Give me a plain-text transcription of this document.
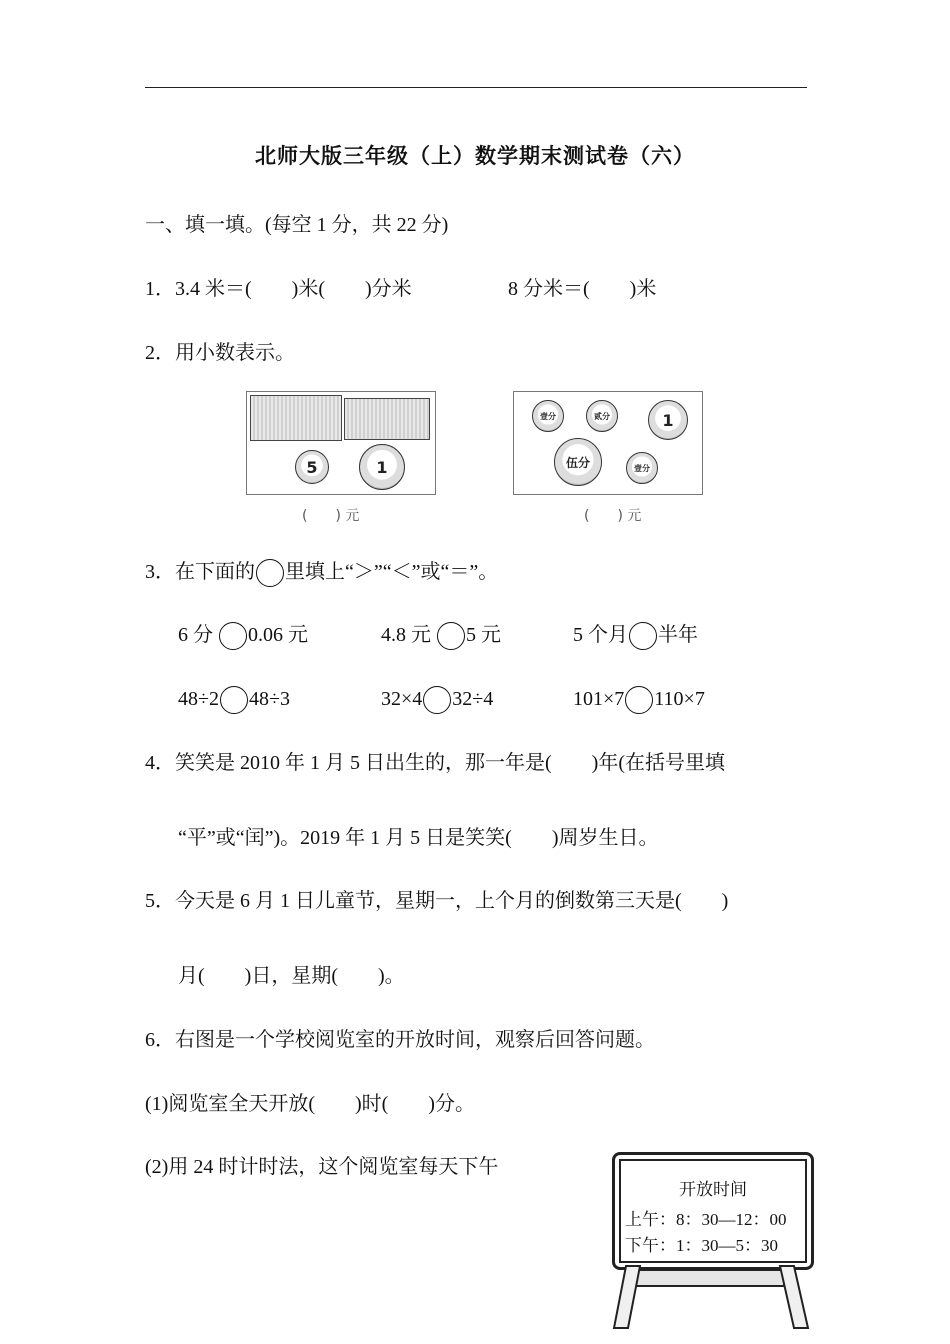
北师大版三年级（上）数学期末测试卷（六）
一、填一填。(每空 1 分，共 22 分)
1．3.4 米＝(　　)米(　　)分米	8 分米＝(　　)米
2．用小数表示。
5	1
(　　) 元
壹分	贰分	1
伍分	壹分
(　　) 元
3．在下面的 里填上“＞”“＜”或“＝”。
6 分 0.06 元	4.8 元 5 元	5 个月 半年
48÷2 48÷3	32×4 32÷4	101×7 110×7
4．笑笑是 2010 年 1 月 5 日出生的，那一年是(　　)年(在括号里填
“平”或“闰”)。2019 年 1 月 5 日是笑笑(　　)周岁生日。
5．今天是 6 月 1 日儿童节，星期一，上个月的倒数第三天是(　　)
月(　　)日，星期(　　)。
6．右图是一个学校阅览室的开放时间，观察后回答问题。
(1)阅览室全天开放(　　)时(　　)分。
(2)用 24 时计时法，这个阅览室每天下午
开放时间
上午：8：30—12：00
下午：1：30—5：30
